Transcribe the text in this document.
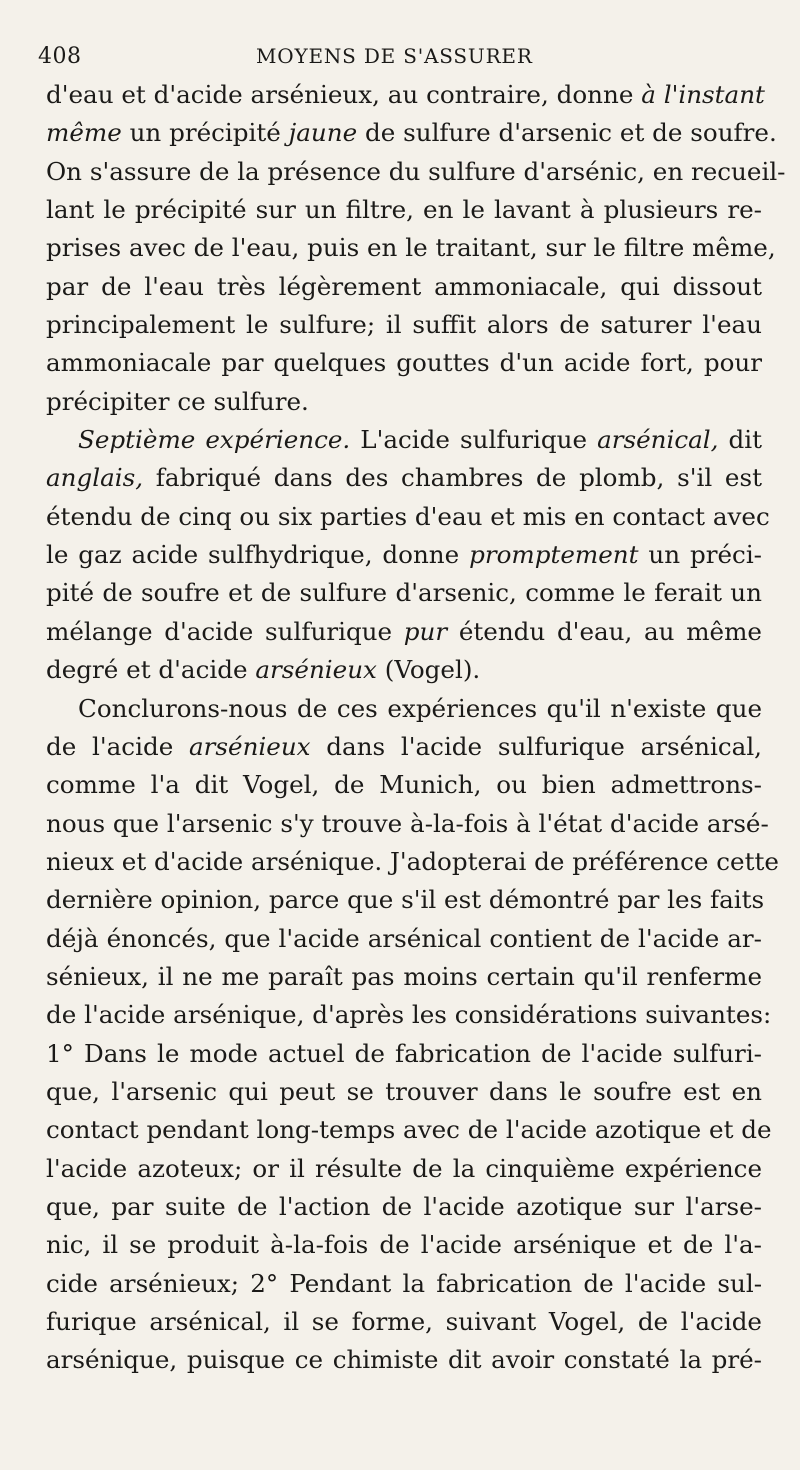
408	MOYENS DE S'ASSURER
d'eau et d'acide arsénieux, au contraire, donne à l'instant
même un précipité jaune de sulfure d'arsenic et de soufre.
On s'assure de la présence du sulfure d'arsénic, en recueil-
lant le précipité sur un filtre, en le lavant à plusieurs re-
prises avec de l'eau, puis en le traitant, sur le filtre même,
par de l'eau très légèrement ammoniacale, qui dissout
principalement le sulfure; il suffit alors de saturer l'eau
ammoniacale par quelques gouttes d'un acide fort, pour
précipiter ce sulfure.
Septième expérience. L'acide sulfurique arsénical, dit
anglais, fabriqué dans des chambres de plomb, s'il est
étendu de cinq ou six parties d'eau et mis en contact avec
le gaz acide sulfhydrique, donne promptement un préci-
pité de soufre et de sulfure d'arsenic, comme le ferait un
mélange d'acide sulfurique pur étendu d'eau, au même
degré et d'acide arsénieux (Vogel).
Conclurons-nous de ces expériences qu'il n'existe que
de l'acide arsénieux dans l'acide sulfurique arsénical,
comme l'a dit Vogel, de Munich, ou bien admettrons-
nous que l'arsenic s'y trouve à-la-fois à l'état d'acide arsé-
nieux et d'acide arsénique. J'adopterai de préférence cette
dernière opinion, parce que s'il est démontré par les faits
déjà énoncés, que l'acide arsénical contient de l'acide ar-
sénieux, il ne me paraît pas moins certain qu'il renferme
de l'acide arsénique, d'après les considérations suivantes:
1° Dans le mode actuel de fabrication de l'acide sulfuri-
que, l'arsenic qui peut se trouver dans le soufre est en
contact pendant long-temps avec de l'acide azotique et de
l'acide azoteux; or il résulte de la cinquième expérience
que, par suite de l'action de l'acide azotique sur l'arse-
nic, il se produit à-la-fois de l'acide arsénique et de l'a-
cide arsénieux; 2° Pendant la fabrication de l'acide sul-
furique arsénical, il se forme, suivant Vogel, de l'acide
arsénique, puisque ce chimiste dit avoir constaté la pré-
